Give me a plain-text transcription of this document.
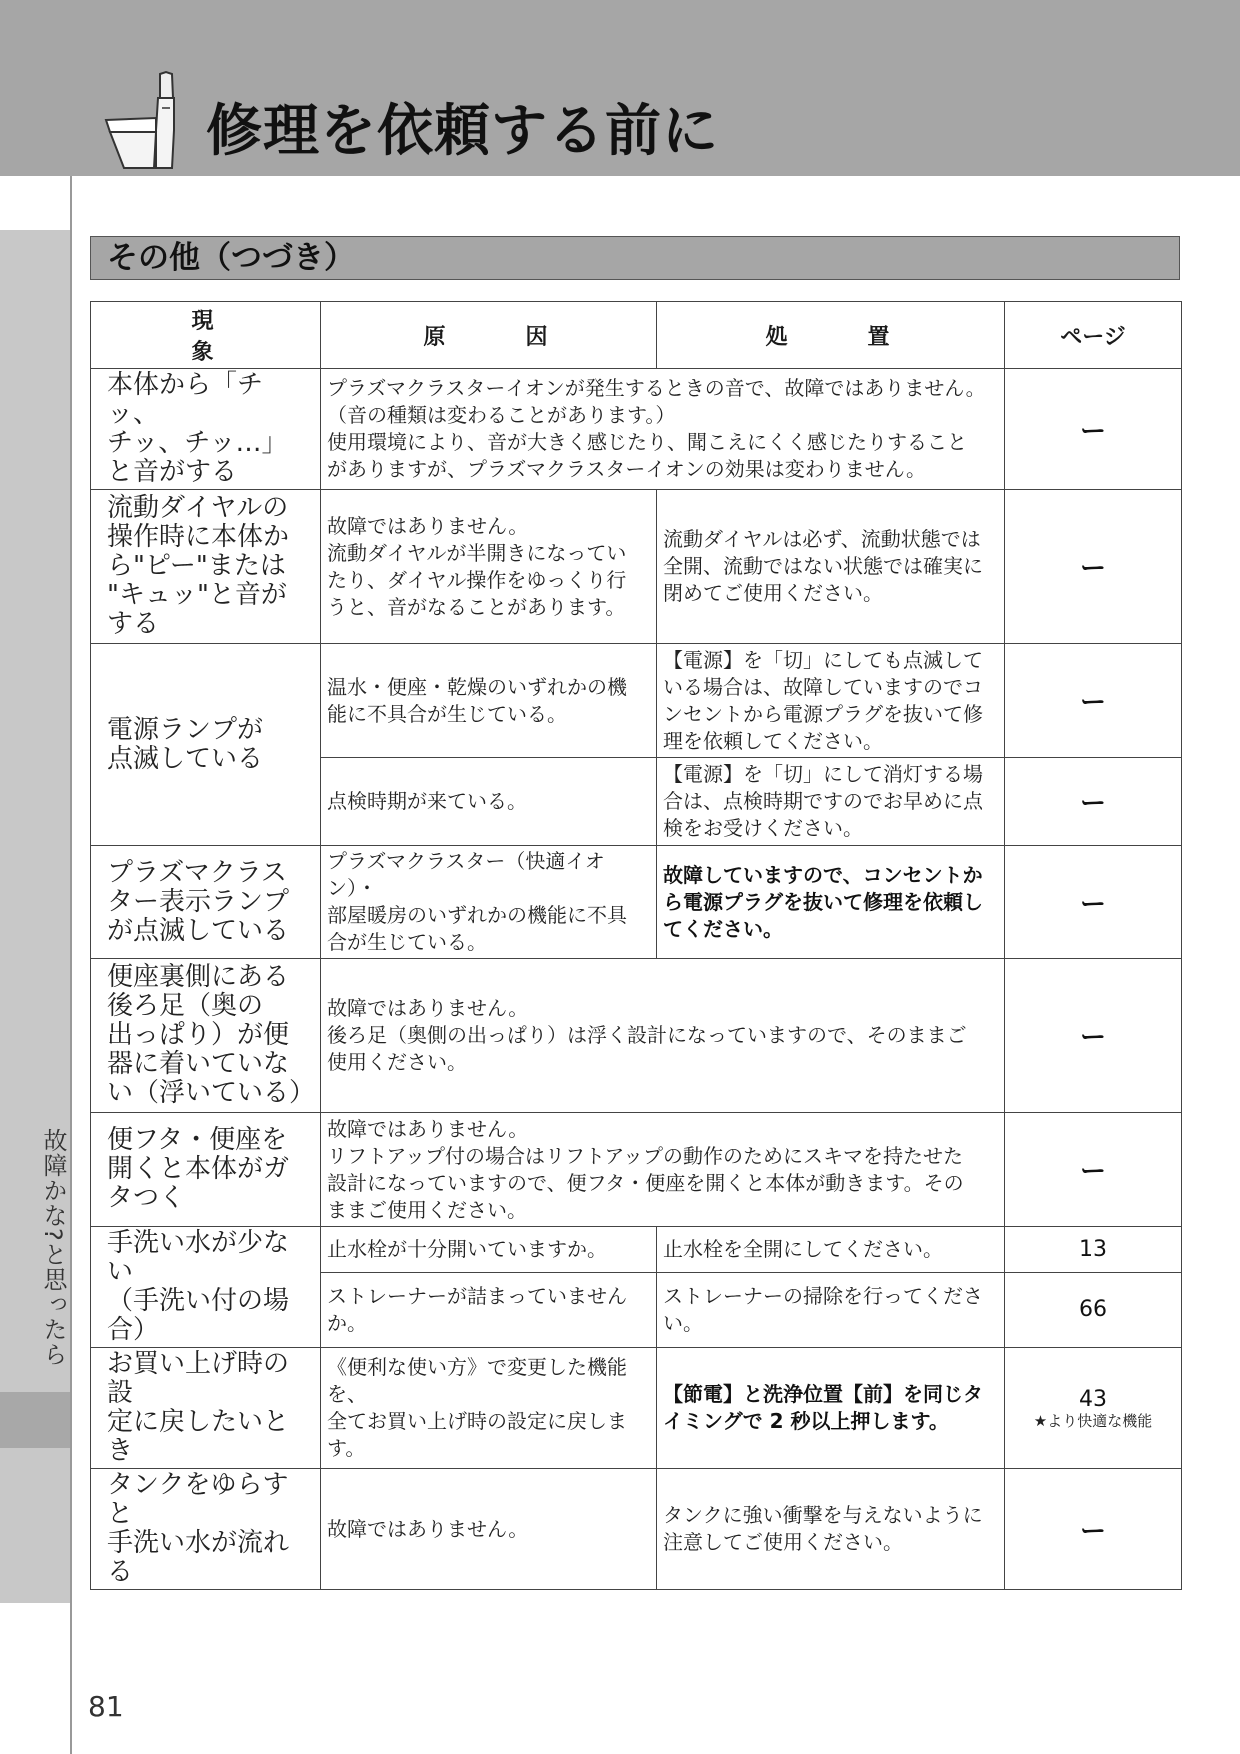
修理を依頼する前に
故障かな?と思ったら
その他（つづき）
現象	原因	処置	ページ

本体から「チッ、
チッ、チッ…」
と音がする	プラズマクラスターイオンが発生するときの音で、故障ではありません。
（音の種類は変わることがあります。）
使用環境により、音が大きく感じたり、聞こえにくく感じたりすること
がありますが、プラズマクラスターイオンの効果は変わりません。		ー

流動ダイヤルの
操作時に本体か
ら"ピー"または
"キュッ"と音が
する	故障ではありません。
流動ダイヤルが半開きになってい
たり、ダイヤル操作をゆっくり行
うと、音がなることがあります。	流動ダイヤルは必ず、流動状態では
全開、流動ではない状態では確実に
閉めてご使用ください。	ー

電源ランプが
点滅している	温水・便座・乾燥のいずれかの機
能に不具合が生じている。	【電源】を「切」にしても点滅して
いる場合は、故障していますのでコ
ンセントから電源プラグを抜いて修
理を依頼してください。	ー

	点検時期が来ている。	【電源】を「切」にして消灯する場
合は、点検時期ですのでお早めに点
検をお受けください。	ー

プラズマクラス
ター表示ランプ
が点滅している	プラズマクラスター（快適イオン）・
部屋暖房のいずれかの機能に不具
合が生じている。	故障していますので、コンセントか
ら電源プラグを抜いて修理を依頼し
てください。	ー

便座裏側にある
後ろ足（奥の
出っぱり）が便
器に着いていな
い（浮いている）	故障ではありません。
後ろ足（奥側の出っぱり）は浮く設計になっていますので、そのままご
使用ください。		ー

便フタ・便座を
開くと本体がガ
タつく	故障ではありません。
リフトアップ付の場合はリフトアップの動作のためにスキマを持たせた
設計になっていますので、便フタ・便座を開くと本体が動きます。その
ままご使用ください。		ー

手洗い水が少ない
（手洗い付の場合）	止水栓が十分開いていますか。	止水栓を全開にしてください。	13
	ストレーナーが詰まっていませんか。	ストレーナーの掃除を行ってください。	66

お買い上げ時の設
定に戻したいとき	《便利な使い方》で変更した機能を、
全てお買い上げ時の設定に戻します。	【節電】と洗浄位置【前】を同じタ
イミングで 2 秒以上押します。	43
★より快適な機能

タンクをゆらすと
手洗い水が流れる	故障ではありません。	タンクに強い衝撃を与えないように
注意してご使用ください。	ー
81
